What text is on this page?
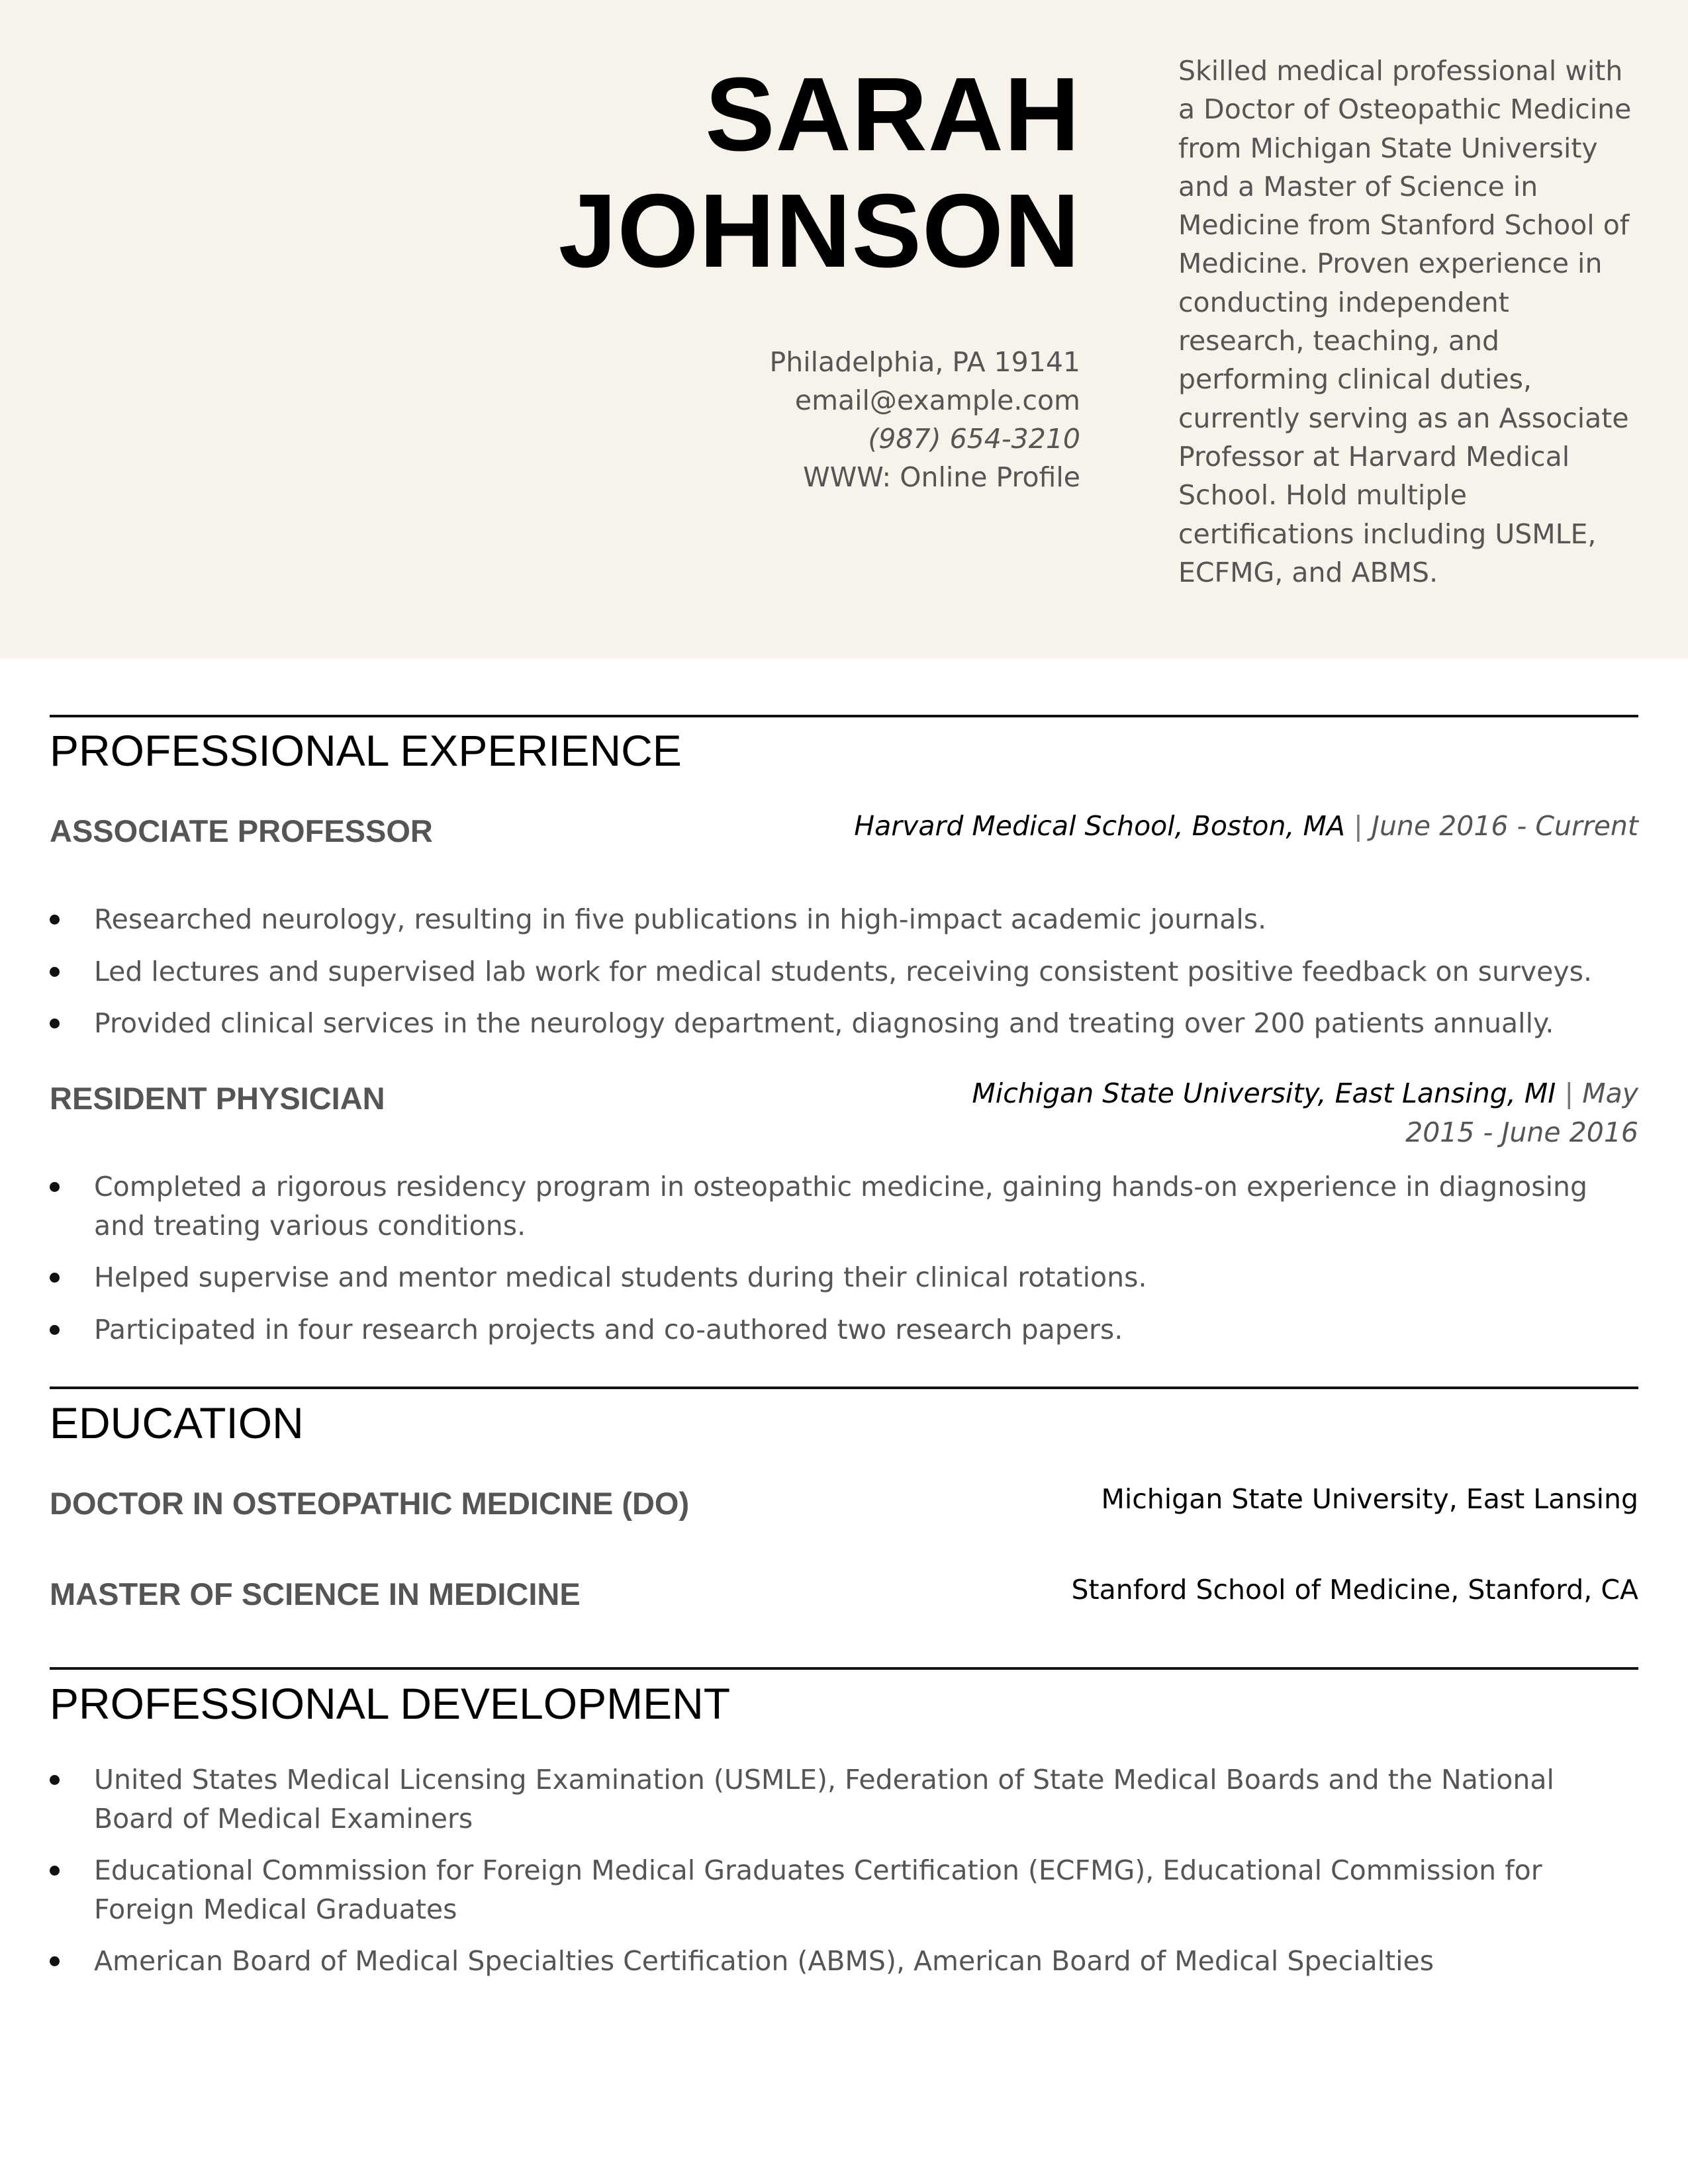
SARAH
JOHNSON
Philadelphia, PA 19141
email@example.com
(987) 654-3210
WWW: Online Profile
Skilled medical professional with a Doctor of Osteopathic Medicine from Michigan State University and a Master of Science in Medicine from Stanford School of Medicine. Proven experience in conducting independent research, teaching, and performing clinical duties, currently serving as an Associate Professor at Harvard Medical School. Hold multiple certifications including USMLE, ECFMG, and ABMS.
PROFESSIONAL EXPERIENCE
ASSOCIATE PROFESSOR	Harvard Medical School, Boston, MA | June 2016 - Current
Researched neurology, resulting in five publications in high-impact academic journals.
Led lectures and supervised lab work for medical students, receiving consistent positive feedback on surveys.
Provided clinical services in the neurology department, diagnosing and treating over 200 patients annually.
RESIDENT PHYSICIAN	Michigan State University, East Lansing, MI | May 2015 - June 2016
Completed a rigorous residency program in osteopathic medicine, gaining hands-on experience in diagnosing and treating various conditions.
Helped supervise and mentor medical students during their clinical rotations.
Participated in four research projects and co-authored two research papers.
EDUCATION
DOCTOR IN OSTEOPATHIC MEDICINE (DO)	Michigan State University, East Lansing
MASTER OF SCIENCE IN MEDICINE	Stanford School of Medicine, Stanford, CA
PROFESSIONAL DEVELOPMENT
United States Medical Licensing Examination (USMLE), Federation of State Medical Boards and the National Board of Medical Examiners
Educational Commission for Foreign Medical Graduates Certification (ECFMG), Educational Commission for Foreign Medical Graduates
American Board of Medical Specialties Certification (ABMS), American Board of Medical Specialties
